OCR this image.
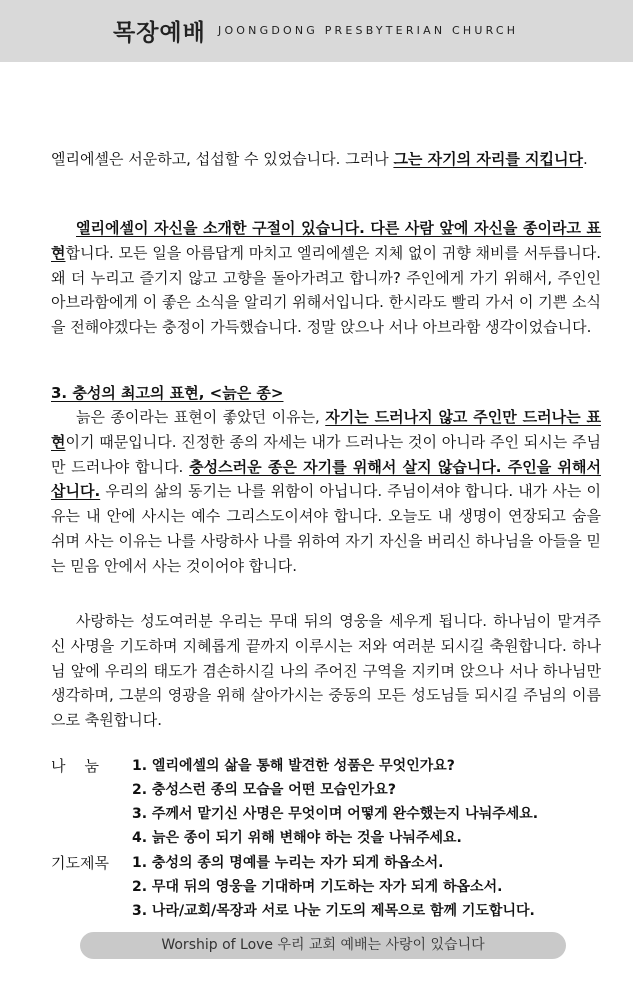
목장예배 JOONGDONG PRESBYTERIAN CHURCH

엘리에셀은 서운하고, 섭섭할 수 있었습니다. 그러나 그는 자기의 자리를 지킵니다.

엘리에셀이 자신을 소개한 구절이 있습니다. 다른 사람 앞에 자신을 종이라고 표현합니다. 모든 일을 아름답게 마치고 엘리에셀은 지체 없이 귀향 채비를 서두릅니다. 왜 더 누리고 즐기지 않고 고향을 돌아가려고 합니까? 주인에게 가기 위해서, 주인인 아브라함에게 이 좋은 소식을 알리기 위해서입니다. 한시라도 빨리 가서 이 기쁜 소식을 전해야겠다는 충정이 가득했습니다. 정말 앉으나 서나 아브라함 생각이었습니다.

3. 충성의 최고의 표현, <늙은 종>

늙은 종이라는 표현이 좋았던 이유는, 자기는 드러나지 않고 주인만 드러나는 표현이기 때문입니다. 진정한 종의 자세는 내가 드러나는 것이 아니라 주인 되시는 주님만 드러나야 합니다. 충성스러운 종은 자기를 위해서 살지 않습니다. 주인을 위해서 삽니다. 우리의 삶의 동기는 나를 위함이 아닙니다. 주님이셔야 합니다. 내가 사는 이유는 내 안에 사시는 예수 그리스도이셔야 합니다. 오늘도 내 생명이 연장되고 숨을 쉬며 사는 이유는 나를 사랑하사 나를 위하여 자기 자신을 버리신 하나님을 아들을 믿는 믿음 안에서 사는 것이어야 합니다.

사랑하는 성도여러분 우리는 무대 뒤의 영웅을 세우게 됩니다. 하나님이 맡겨주신 사명을 기도하며 지혜롭게 끝까지 이루시는 저와 여러분 되시길 축원합니다. 하나님 앞에 우리의 태도가 겸손하시길 나의 주어진 구역을 지키며 앉으나 서나 하나님만 생각하며, 그분의 영광을 위해 살아가시는 중동의 모든 성도님들 되시길 주님의 이름으로 축원합니다.

나    눔 1. 엘리에셀의 삶을 통해 발견한 성품은 무엇인가요?
2. 충성스런 종의 모습을 어떤 모습인가요?
3. 주께서 맡기신 사명은 무엇이며 어떻게 완수했는지 나눠주세요.
4. 늙은 종이 되기 위해 변해야 하는 것을 나눠주세요.
기도제목 1. 충성의 종의 명예를 누리는 자가 되게 하옵소서.
2. 무대 뒤의 영웅을 기대하며 기도하는 자가 되게 하옵소서.
3. 나라/교회/목장과 서로 나눈 기도의 제목으로 함께 기도합니다.
Worship of Love 우리 교회 예배는 사랑이 있습니다
